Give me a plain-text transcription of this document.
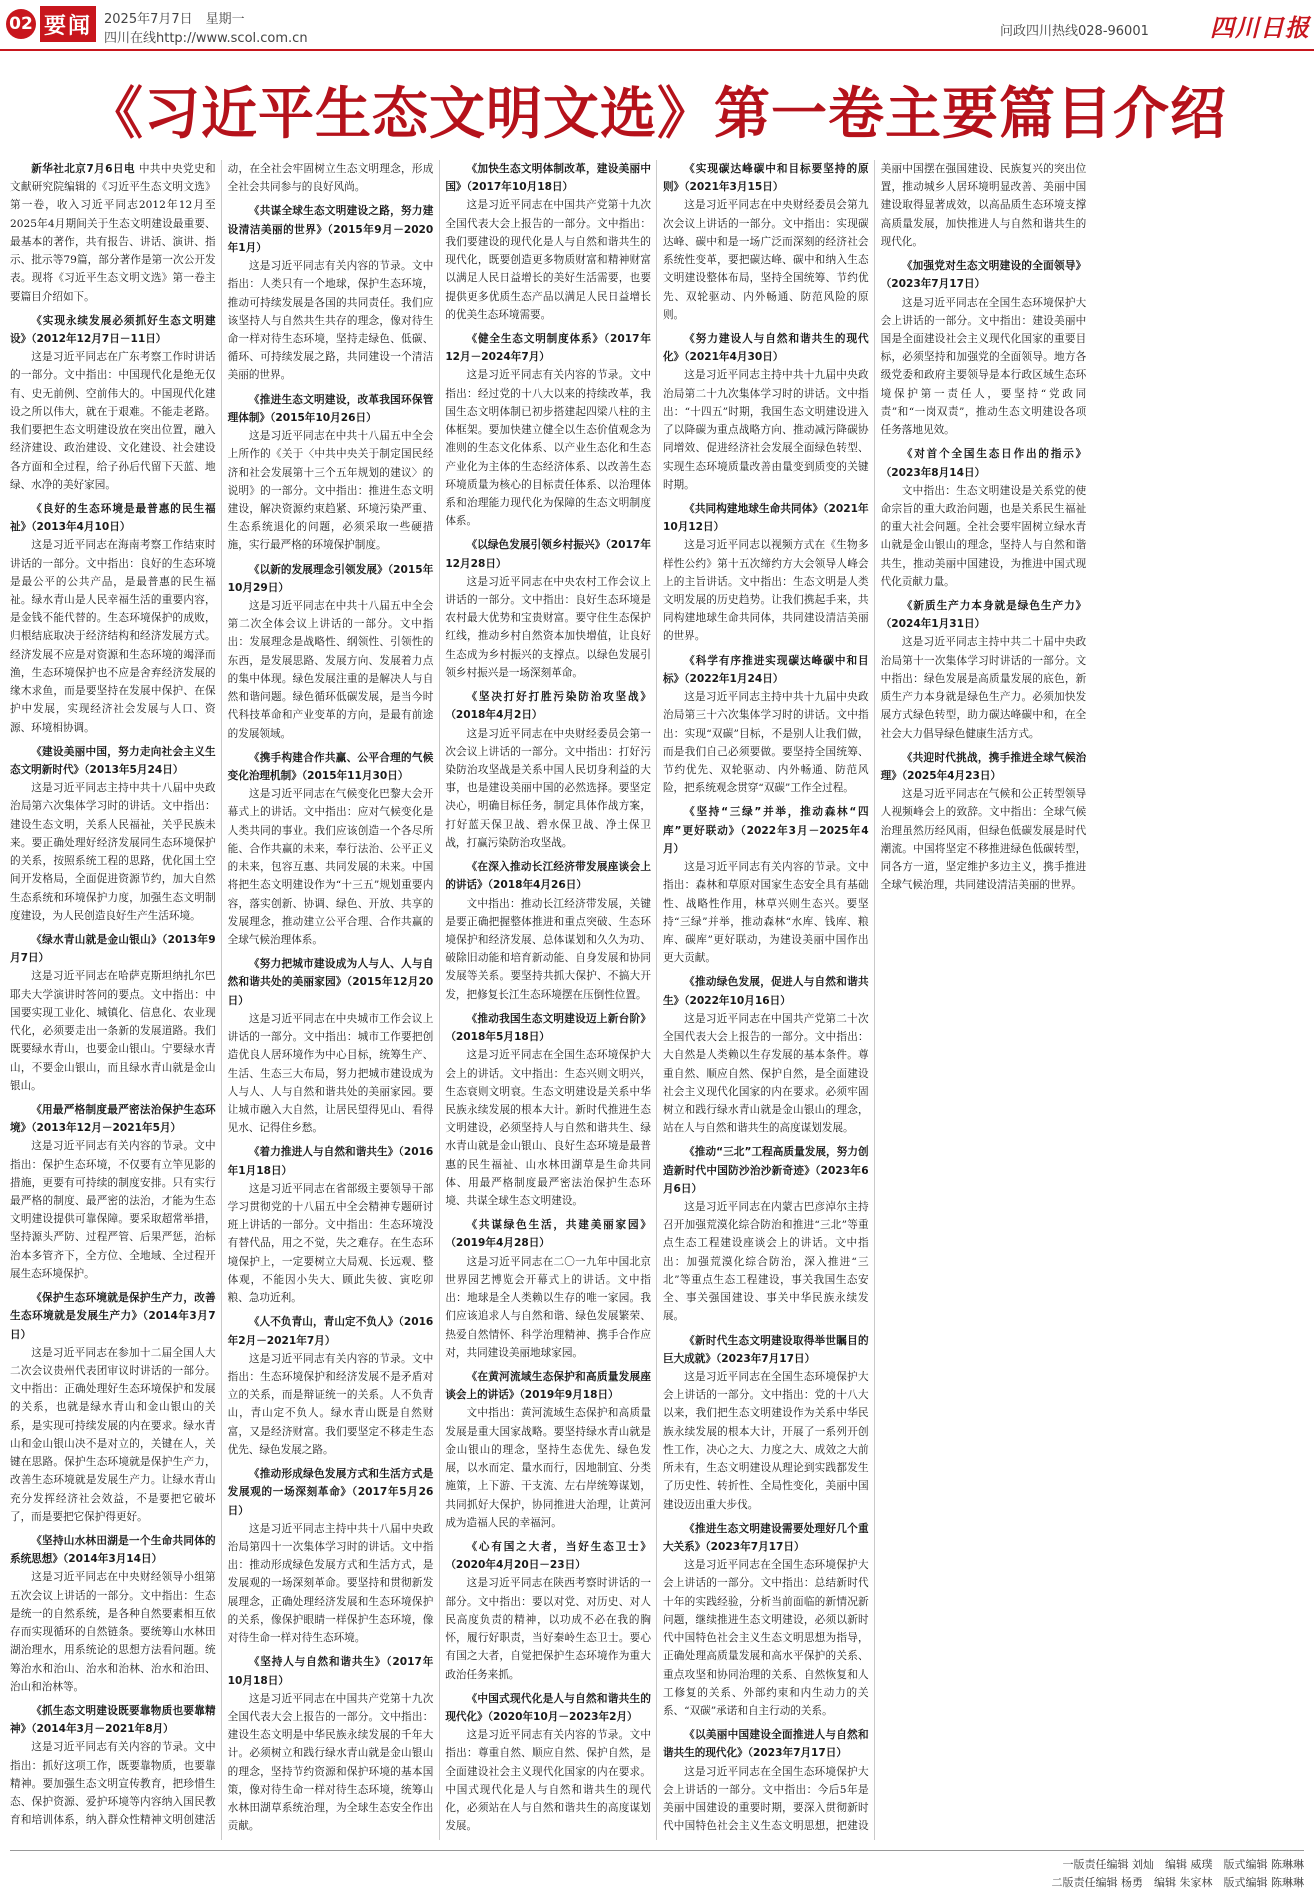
02 要闻 2025年7月7日　星期一
四川在线http://www.scol.com.cn	问政四川热线028-96001	四川日报
《习近平生态文明文选》第一卷主要篇目介绍

新华社北京7月6日电 中共中央党史和文献研究院编辑的《习近平生态文明文选》第一卷，收入习近平同志2012年12月至2025年4月期间关于生态文明建设最重要、最基本的著作，共有报告、讲话、演讲、指示、批示等79篇，部分著作是第一次公开发表。现将《习近平生态文明文选》第一卷主要篇目介绍如下。

《实现永续发展必须抓好生态文明建设》（2012年12月7日－11日）

这是习近平同志在广东考察工作时讲话的一部分。文中指出：中国现代化是绝无仅有、史无前例、空前伟大的。中国现代化建设之所以伟大，就在于艰难。不能走老路。我们要把生态文明建设放在突出位置，融入经济建设、政治建设、文化建设、社会建设各方面和全过程，给子孙后代留下天蓝、地绿、水净的美好家园。

《良好的生态环境是最普惠的民生福祉》（2013年4月10日）

这是习近平同志在海南考察工作结束时讲话的一部分。文中指出：良好的生态环境是最公平的公共产品，是最普惠的民生福祉。绿水青山是人民幸福生活的重要内容，是金钱不能代替的。生态环境保护的成败，归根结底取决于经济结构和经济发展方式。经济发展不应是对资源和生态环境的竭泽而渔，生态环境保护也不应是舍弃经济发展的缘木求鱼，而是要坚持在发展中保护、在保护中发展，实现经济社会发展与人口、资源、环境相协调。

《建设美丽中国，努力走向社会主义生态文明新时代》（2013年5月24日）

这是习近平同志主持中共十八届中央政治局第六次集体学习时的讲话。文中指出：建设生态文明，关系人民福祉，关乎民族未来。要正确处理好经济发展同生态环境保护的关系，按照系统工程的思路，优化国土空间开发格局，全面促进资源节约，加大自然生态系统和环境保护力度，加强生态文明制度建设，为人民创造良好生产生活环境。

《绿水青山就是金山银山》（2013年9月7日）

这是习近平同志在哈萨克斯坦纳扎尔巴耶夫大学演讲时答问的要点。文中指出：中国要实现工业化、城镇化、信息化、农业现代化，必须要走出一条新的发展道路。我们既要绿水青山，也要金山银山。宁要绿水青山，不要金山银山，而且绿水青山就是金山银山。

《用最严格制度最严密法治保护生态环境》（2013年12月－2021年5月）

这是习近平同志有关内容的节录。文中指出：保护生态环境，不仅要有立竿见影的措施，更要有可持续的制度安排。只有实行最严格的制度、最严密的法治，才能为生态文明建设提供可靠保障。要采取超常举措，坚持源头严防、过程严管、后果严惩，治标治本多管齐下，全方位、全地域、全过程开展生态环境保护。

《保护生态环境就是保护生产力，改善生态环境就是发展生产力》（2014年3月7日）

这是习近平同志在参加十二届全国人大二次会议贵州代表团审议时讲话的一部分。文中指出：正确处理好生态环境保护和发展的关系，也就是绿水青山和金山银山的关系，是实现可持续发展的内在要求。绿水青山和金山银山决不是对立的，关键在人，关键在思路。保护生态环境就是保护生产力，改善生态环境就是发展生产力。让绿水青山充分发挥经济社会效益，不是要把它破坏了，而是要把它保护得更好。

《坚持山水林田湖是一个生命共同体的系统思想》（2014年3月14日）

这是习近平同志在中央财经领导小组第五次会议上讲话的一部分。文中指出：生态是统一的自然系统，是各种自然要素相互依存而实现循环的自然链条。要统筹山水林田湖治理水，用系统论的思想方法看问题。统筹治水和治山、治水和治林、治水和治田、治山和治林等。

《抓生态文明建设既要靠物质也要靠精神》（2014年3月－2021年8月）

这是习近平同志有关内容的节录。文中指出：抓好这项工作，既要靠物质，也要靠精神。要加强生态文明宣传教育，把珍惜生态、保护资源、爱护环境等内容纳入国民教育和培训体系，纳入群众性精神文明创建活动，在全社会牢固树立生态文明理念，形成全社会共同参与的良好风尚。

《共谋全球生态文明建设之路，努力建设清洁美丽的世界》（2015年9月－2020年1月）

这是习近平同志有关内容的节录。文中指出：人类只有一个地球，保护生态环境，推动可持续发展是各国的共同责任。我们应该坚持人与自然共生共存的理念，像对待生命一样对待生态环境，坚持走绿色、低碳、循环、可持续发展之路，共同建设一个清洁美丽的世界。

《推进生态文明建设，改革我国环保管理体制》（2015年10月26日）

这是习近平同志在中共十八届五中全会上所作的《关于〈中共中央关于制定国民经济和社会发展第十三个五年规划的建议〉的说明》的一部分。文中指出：推进生态文明建设，解决资源约束趋紧、环境污染严重、生态系统退化的问题，必须采取一些硬措施，实行最严格的环境保护制度。

《以新的发展理念引领发展》（2015年10月29日）

这是习近平同志在中共十八届五中全会第二次全体会议上讲话的一部分。文中指出：发展理念是战略性、纲领性、引领性的东西，是发展思路、发展方向、发展着力点的集中体现。绿色发展注重的是解决人与自然和谐问题。绿色循环低碳发展，是当今时代科技革命和产业变革的方向，是最有前途的发展领域。

《携手构建合作共赢、公平合理的气候变化治理机制》（2015年11月30日）

这是习近平同志在气候变化巴黎大会开幕式上的讲话。文中指出：应对气候变化是人类共同的事业。我们应该创造一个各尽所能、合作共赢的未来，奉行法治、公平正义的未来，包容互惠、共同发展的未来。中国将把生态文明建设作为“十三五”规划重要内容，落实创新、协调、绿色、开放、共享的发展理念，推动建立公平合理、合作共赢的全球气候治理体系。

《努力把城市建设成为人与人、人与自然和谐共处的美丽家园》（2015年12月20日）

这是习近平同志在中央城市工作会议上讲话的一部分。文中指出：城市工作要把创造优良人居环境作为中心目标，统筹生产、生活、生态三大布局，努力把城市建设成为人与人、人与自然和谐共处的美丽家园。要让城市融入大自然，让居民望得见山、看得见水、记得住乡愁。

《着力推进人与自然和谐共生》（2016年1月18日）

这是习近平同志在省部级主要领导干部学习贯彻党的十八届五中全会精神专题研讨班上讲话的一部分。文中指出：生态环境没有替代品，用之不觉，失之难存。在生态环境保护上，一定要树立大局观、长远观、整体观，不能因小失大、顾此失彼、寅吃卯粮、急功近利。

《人不负青山，青山定不负人》（2016年2月－2021年7月）

这是习近平同志有关内容的节录。文中指出：生态环境保护和经济发展不是矛盾对立的关系，而是辩证统一的关系。人不负青山，青山定不负人。绿水青山既是自然财富，又是经济财富。我们要坚定不移走生态优先、绿色发展之路。

《推动形成绿色发展方式和生活方式是发展观的一场深刻革命》（2017年5月26日）

这是习近平同志主持中共十八届中央政治局第四十一次集体学习时的讲话。文中指出：推动形成绿色发展方式和生活方式，是发展观的一场深刻革命。要坚持和贯彻新发展理念，正确处理经济发展和生态环境保护的关系，像保护眼睛一样保护生态环境，像对待生命一样对待生态环境。

《坚持人与自然和谐共生》（2017年10月18日）

这是习近平同志在中国共产党第十九次全国代表大会上报告的一部分。文中指出：建设生态文明是中华民族永续发展的千年大计。必须树立和践行绿水青山就是金山银山的理念，坚持节约资源和保护环境的基本国策，像对待生命一样对待生态环境，统筹山水林田湖草系统治理，为全球生态安全作出贡献。

《加快生态文明体制改革，建设美丽中国》（2017年10月18日）

这是习近平同志在中国共产党第十九次全国代表大会上报告的一部分。文中指出：我们要建设的现代化是人与自然和谐共生的现代化，既要创造更多物质财富和精神财富以满足人民日益增长的美好生活需要，也要提供更多优质生态产品以满足人民日益增长的优美生态环境需要。

《健全生态文明制度体系》（2017年12月－2024年7月）

这是习近平同志有关内容的节录。文中指出：经过党的十八大以来的持续改革，我国生态文明体制已初步搭建起四梁八柱的主体框架。要加快建立健全以生态价值观念为准则的生态文化体系、以产业生态化和生态产业化为主体的生态经济体系、以改善生态环境质量为核心的目标责任体系、以治理体系和治理能力现代化为保障的生态文明制度体系。

《以绿色发展引领乡村振兴》（2017年12月28日）

这是习近平同志在中央农村工作会议上讲话的一部分。文中指出：良好生态环境是农村最大优势和宝贵财富。要守住生态保护红线，推动乡村自然资本加快增值，让良好生态成为乡村振兴的支撑点。以绿色发展引领乡村振兴是一场深刻革命。

《坚决打好打胜污染防治攻坚战》（2018年4月2日）

这是习近平同志在中央财经委员会第一次会议上讲话的一部分。文中指出：打好污染防治攻坚战是关系中国人民切身利益的大事，也是建设美丽中国的必然选择。要坚定决心，明确目标任务，制定具体作战方案，打好蓝天保卫战、碧水保卫战、净土保卫战，打赢污染防治攻坚战。

《在深入推动长江经济带发展座谈会上的讲话》（2018年4月26日）

文中指出：推动长江经济带发展，关键是要正确把握整体推进和重点突破、生态环境保护和经济发展、总体谋划和久久为功、破除旧动能和培育新动能、自身发展和协同发展等关系。要坚持共抓大保护、不搞大开发，把修复长江生态环境摆在压倒性位置。

《推动我国生态文明建设迈上新台阶》（2018年5月18日）

这是习近平同志在全国生态环境保护大会上的讲话。文中指出：生态兴则文明兴，生态衰则文明衰。生态文明建设是关系中华民族永续发展的根本大计。新时代推进生态文明建设，必须坚持人与自然和谐共生、绿水青山就是金山银山、良好生态环境是最普惠的民生福祉、山水林田湖草是生命共同体、用最严格制度最严密法治保护生态环境、共谋全球生态文明建设。

《共谋绿色生活，共建美丽家园》（2019年4月28日）

这是习近平同志在二〇一九年中国北京世界园艺博览会开幕式上的讲话。文中指出：地球是全人类赖以生存的唯一家园。我们应该追求人与自然和谐、绿色发展繁荣、热爱自然情怀、科学治理精神、携手合作应对，共同建设美丽地球家园。

《在黄河流域生态保护和高质量发展座谈会上的讲话》（2019年9月18日）

文中指出：黄河流域生态保护和高质量发展是重大国家战略。要坚持绿水青山就是金山银山的理念，坚持生态优先、绿色发展，以水而定、量水而行，因地制宜、分类施策，上下游、干支流、左右岸统筹谋划，共同抓好大保护，协同推进大治理，让黄河成为造福人民的幸福河。

《心有国之大者，当好生态卫士》（2020年4月20日－23日）

这是习近平同志在陕西考察时讲话的一部分。文中指出：要以对党、对历史、对人民高度负责的精神，以功成不必在我的胸怀，履行好职责，当好秦岭生态卫士。要心有国之大者，自觉把保护生态环境作为重大政治任务来抓。

《中国式现代化是人与自然和谐共生的现代化》（2020年10月－2023年2月）

这是习近平同志有关内容的节录。文中指出：尊重自然、顺应自然、保护自然，是全面建设社会主义现代化国家的内在要求。中国式现代化是人与自然和谐共生的现代化，必须站在人与自然和谐共生的高度谋划发展。

《实现碳达峰碳中和目标要坚持的原则》（2021年3月15日）

这是习近平同志在中央财经委员会第九次会议上讲话的一部分。文中指出：实现碳达峰、碳中和是一场广泛而深刻的经济社会系统性变革，要把碳达峰、碳中和纳入生态文明建设整体布局，坚持全国统筹、节约优先、双轮驱动、内外畅通、防范风险的原则。

《努力建设人与自然和谐共生的现代化》（2021年4月30日）

这是习近平同志主持中共十九届中央政治局第二十九次集体学习时的讲话。文中指出：“十四五”时期，我国生态文明建设进入了以降碳为重点战略方向、推动减污降碳协同增效、促进经济社会发展全面绿色转型、实现生态环境质量改善由量变到质变的关键时期。

《共同构建地球生命共同体》（2021年10月12日）

这是习近平同志以视频方式在《生物多样性公约》第十五次缔约方大会领导人峰会上的主旨讲话。文中指出：生态文明是人类文明发展的历史趋势。让我们携起手来，共同构建地球生命共同体，共同建设清洁美丽的世界。

《科学有序推进实现碳达峰碳中和目标》（2022年1月24日）

这是习近平同志主持中共十九届中央政治局第三十六次集体学习时的讲话。文中指出：实现“双碳”目标，不是别人让我们做，而是我们自己必须要做。要坚持全国统筹、节约优先、双轮驱动、内外畅通、防范风险，把系统观念贯穿“双碳”工作全过程。

《坚持“三绿”并举，推动森林“四库”更好联动》（2022年3月－2025年4月）

这是习近平同志有关内容的节录。文中指出：森林和草原对国家生态安全具有基础性、战略性作用，林草兴则生态兴。要坚持“三绿”并举，推动森林“水库、钱库、粮库、碳库”更好联动，为建设美丽中国作出更大贡献。

《推动绿色发展，促进人与自然和谐共生》（2022年10月16日）

这是习近平同志在中国共产党第二十次全国代表大会上报告的一部分。文中指出：大自然是人类赖以生存发展的基本条件。尊重自然、顺应自然、保护自然，是全面建设社会主义现代化国家的内在要求。必须牢固树立和践行绿水青山就是金山银山的理念，站在人与自然和谐共生的高度谋划发展。

《推动“三北”工程高质量发展，努力创造新时代中国防沙治沙新奇迹》（2023年6月6日）

这是习近平同志在内蒙古巴彦淖尔主持召开加强荒漠化综合防治和推进“三北”等重点生态工程建设座谈会上的讲话。文中指出：加强荒漠化综合防治，深入推进“三北”等重点生态工程建设，事关我国生态安全、事关强国建设、事关中华民族永续发展。

《新时代生态文明建设取得举世瞩目的巨大成就》（2023年7月17日）

这是习近平同志在全国生态环境保护大会上讲话的一部分。文中指出：党的十八大以来，我们把生态文明建设作为关系中华民族永续发展的根本大计，开展了一系列开创性工作，决心之大、力度之大、成效之大前所未有，生态文明建设从理论到实践都发生了历史性、转折性、全局性变化，美丽中国建设迈出重大步伐。

《推进生态文明建设需要处理好几个重大关系》（2023年7月17日）

这是习近平同志在全国生态环境保护大会上讲话的一部分。文中指出：总结新时代十年的实践经验，分析当前面临的新情况新问题，继续推进生态文明建设，必须以新时代中国特色社会主义生态文明思想为指导，正确处理高质量发展和高水平保护的关系、重点攻坚和协同治理的关系、自然恢复和人工修复的关系、外部约束和内生动力的关系、“双碳”承诺和自主行动的关系。

《以美丽中国建设全面推进人与自然和谐共生的现代化》（2023年7月17日）

这是习近平同志在全国生态环境保护大会上讲话的一部分。文中指出：今后5年是美丽中国建设的重要时期，要深入贯彻新时代中国特色社会主义生态文明思想，把建设美丽中国摆在强国建设、民族复兴的突出位置，推动城乡人居环境明显改善、美丽中国建设取得显著成效，以高品质生态环境支撑高质量发展，加快推进人与自然和谐共生的现代化。

《加强党对生态文明建设的全面领导》（2023年7月17日）

这是习近平同志在全国生态环境保护大会上讲话的一部分。文中指出：建设美丽中国是全面建设社会主义现代化国家的重要目标，必须坚持和加强党的全面领导。地方各级党委和政府主要领导是本行政区域生态环境保护第一责任人，要坚持“党政同责”和“一岗双责”，推动生态文明建设各项任务落地见效。

《对首个全国生态日作出的指示》（2023年8月14日）

文中指出：生态文明建设是关系党的使命宗旨的重大政治问题，也是关系民生福祉的重大社会问题。全社会要牢固树立绿水青山就是金山银山的理念，坚持人与自然和谐共生，推动美丽中国建设，为推进中国式现代化贡献力量。

《新质生产力本身就是绿色生产力》（2024年1月31日）

这是习近平同志主持中共二十届中央政治局第十一次集体学习时讲话的一部分。文中指出：绿色发展是高质量发展的底色，新质生产力本身就是绿色生产力。必须加快发展方式绿色转型，助力碳达峰碳中和，在全社会大力倡导绿色健康生活方式。

《共迎时代挑战，携手推进全球气候治理》（2025年4月23日）

这是习近平同志在气候和公正转型领导人视频峰会上的致辞。文中指出：全球气候治理虽然历经风雨，但绿色低碳发展是时代潮流。中国将坚定不移推进绿色低碳转型，同各方一道，坚定维护多边主义，携手推进全球气候治理，共同建设清洁美丽的世界。

一版责任编辑 刘灿　编辑 威璞　版式编辑 陈琳琳
二版责任编辑 杨勇　编辑 朱家林　版式编辑 陈琳琳
